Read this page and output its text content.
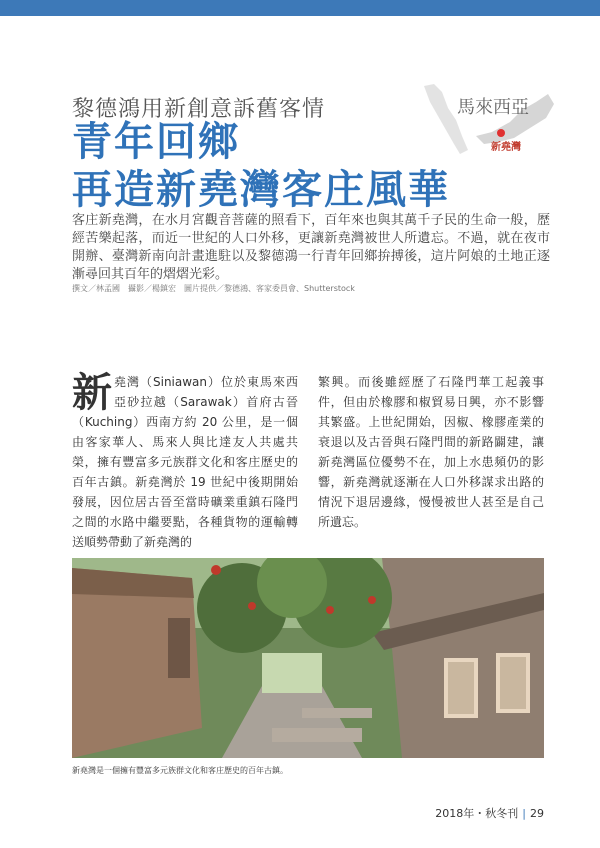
黎德鴻用新創意訴舊客情
青年回鄉
再造新堯灣客庄風華
馬來西亞
新堯灣
客庄新堯灣，在水月宮觀音菩薩的照看下，百年來也與其萬千子民的生命一般，歷經苦樂起落，而近一世紀的人口外移，更讓新堯灣被世人所遺忘。不過，就在夜市開辦、臺灣新南向計畫進駐以及黎德鴻一行青年回鄉拚搏後，這片阿娘的土地正逐漸尋回其百年的熠熠光彩。
撰文／林孟國　攝影／楊鎮宏　圖片提供／黎德鴻、客家委員會、Shutterstock
新堯灣（Siniawan）位於東馬來西亞砂拉越（Sarawak）首府古晉（Kuching）西南方約 20 公里，是一個由客家華人、馬來人與比達友人共處共榮，擁有豐富多元族群文化和客庄歷史的百年古鎮。新堯灣於 19 世紀中後期開始發展，因位居古晉至當時礦業重鎮石隆門之間的水路中繼要點，各種貨物的運輸轉送順勢帶動了新堯灣的
繁興。而後雖經歷了石隆門華工起義事件，但由於橡膠和椒貿易日興，亦不影響其繁盛。上世紀開始，因椒、橡膠產業的衰退以及古晉與石隆門間的新路闢建，讓新堯灣區位優勢不在，加上水患頻仍的影響，新堯灣就逐漸在人口外移謀求出路的情況下退居邊緣，慢慢被世人甚至是自己所遺忘。
新堯灣是一個擁有豐富多元族群文化和客庄歷史的百年古鎮。
2018年・秋冬刊 | 29
